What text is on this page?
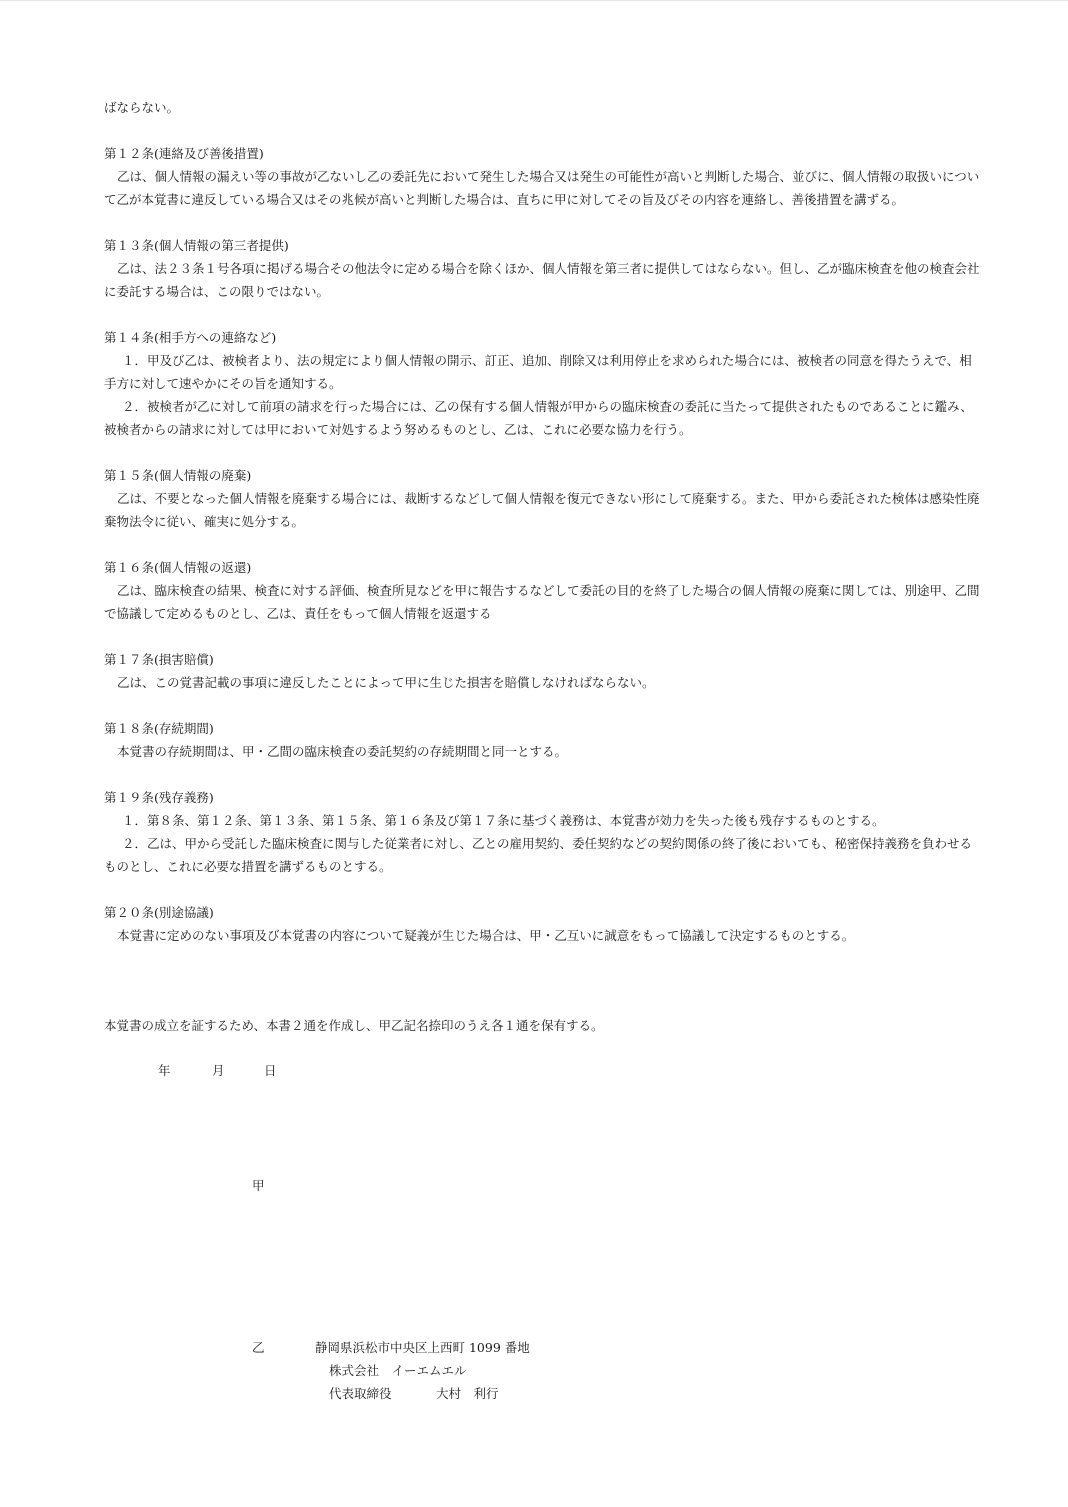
ばならない。

第１２条(連絡及び善後措置)

乙は、個人情報の漏えい等の事故が乙ないし乙の委託先において発生した場合又は発生の可能性が高いと判断した場合、並びに、個人情報の取扱いについて乙が本覚書に違反している場合又はその兆候が高いと判断した場合は、直ちに甲に対してその旨及びその内容を連絡し、善後措置を講ずる。

第１３条(個人情報の第三者提供)

乙は、法２３条１号各項に掲げる場合その他法令に定める場合を除くほか、個人情報を第三者に提供してはならない。但し、乙が臨床検査を他の検査会社に委託する場合は、この限りではない。

第１４条(相手方への連絡など)

１．甲及び乙は、被検者より、法の規定により個人情報の開示、訂正、追加、削除又は利用停止を求められた場合には、被検者の同意を得たうえで、相手方に対して速やかにその旨を通知する。

２．被検者が乙に対して前項の請求を行った場合には、乙の保有する個人情報が甲からの臨床検査の委託に当たって提供されたものであることに鑑み、被検者からの請求に対しては甲において対処するよう努めるものとし、乙は、これに必要な協力を行う。

第１５条(個人情報の廃棄)

乙は、不要となった個人情報を廃棄する場合には、裁断するなどして個人情報を復元できない形にして廃棄する。また、甲から委託された検体は感染性廃棄物法令に従い、確実に処分する。

第１６条(個人情報の返還)

乙は、臨床検査の結果、検査に対する評価、検査所見などを甲に報告するなどして委託の目的を終了した場合の個人情報の廃棄に関しては、別途甲、乙間で協議して定めるものとし、乙は、責任をもって個人情報を返還する

第１７条(損害賠償)

乙は、この覚書記載の事項に違反したことによって甲に生じた損害を賠償しなければならない。

第１８条(存続期間)

本覚書の存続期間は、甲・乙間の臨床検査の委託契約の存続期間と同一とする。

第１９条(残存義務)

１．第８条、第１２条、第１３条、第１５条、第１６条及び第１７条に基づく義務は、本覚書が効力を失った後も残存するものとする。

２．乙は、甲から受託した臨床検査に関与した従業者に対し、乙との雇用契約、委任契約などの契約関係の終了後においても、秘密保持義務を負わせるものとし、これに必要な措置を講ずるものとする。

第２０条(別途協議)

本覚書に定めのない事項及び本覚書の内容について疑義が生じた場合は、甲・乙互いに誠意をもって協議して決定するものとする。

本覚書の成立を証するため、本書２通を作成し、甲乙記名捺印のうえ各１通を保有する。

年	月	日
甲
乙	静岡県浜松市中央区上西町 1099 番地
株式会社　イーエムエル
代表取締役	大村　利行
